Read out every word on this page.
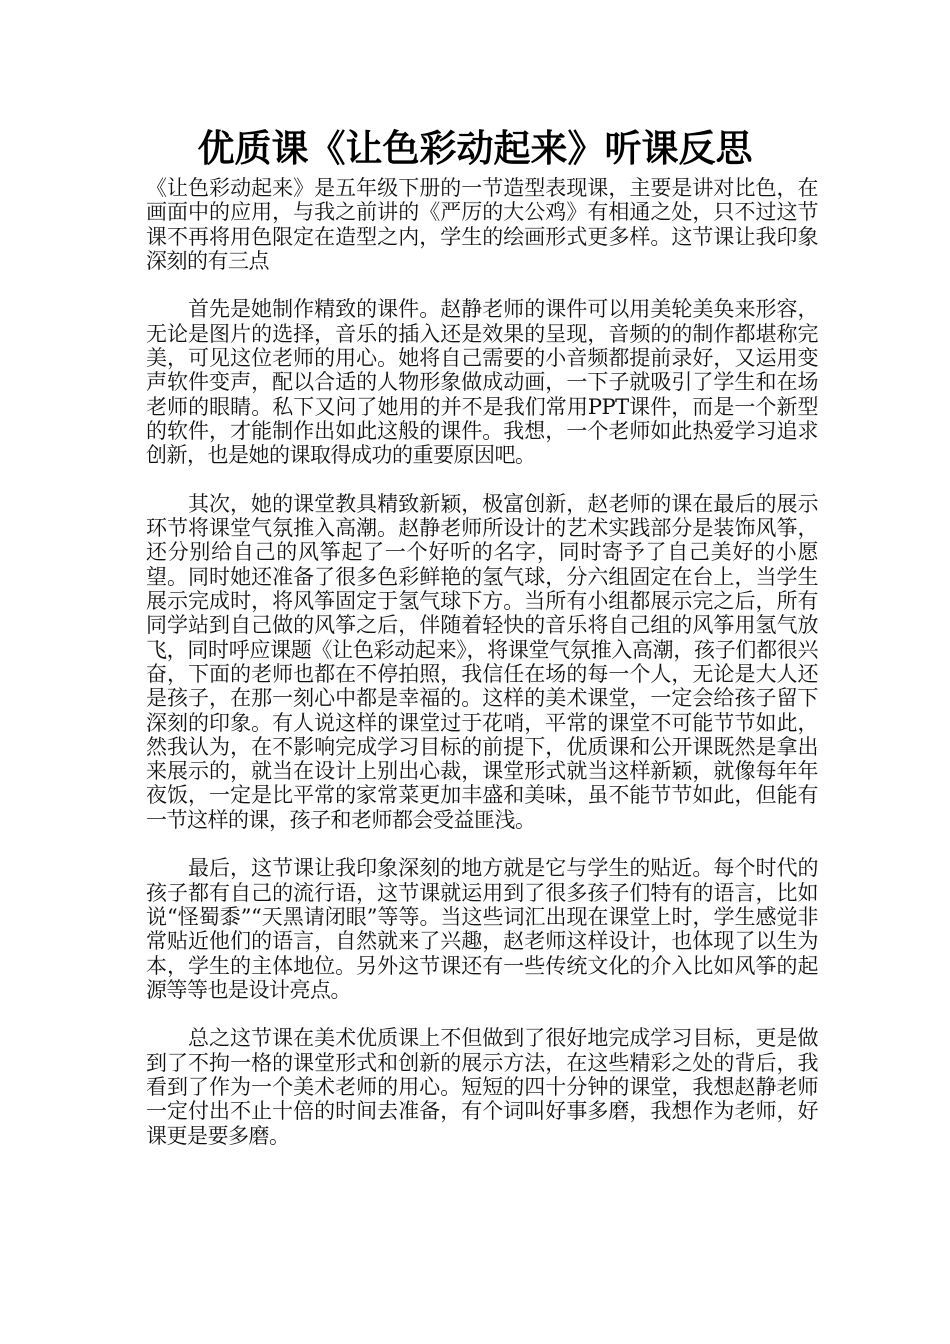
优质课《让色彩动起来》听课反思

《让色彩动起来》是五年级下册的一节造型表现课，主要是讲对比色，在画面中的应用，与我之前讲的《严厉的大公鸡》有相通之处，只不过这节课不再将用色限定在造型之内，学生的绘画形式更多样。这节课让我印象深刻的有三点

首先是她制作精致的课件。赵静老师的课件可以用美轮美奂来形容，无论是图片的选择，音乐的插入还是效果的呈现，音频的的制作都堪称完美，可见这位老师的用心。她将自己需要的小音频都提前录好，又运用变声软件变声，配以合适的人物形象做成动画，一下子就吸引了学生和在场老师的眼睛。私下又问了她用的并不是我们常用PPT课件，而是一个新型的软件，才能制作出如此这般的课件。我想，一个老师如此热爱学习追求创新，也是她的课取得成功的重要原因吧。

其次，她的课堂教具精致新颖，极富创新，赵老师的课在最后的展示环节将课堂气氛推入高潮。赵静老师所设计的艺术实践部分是装饰风筝，还分别给自己的风筝起了一个好听的名字，同时寄予了自己美好的小愿望。同时她还准备了很多色彩鲜艳的氢气球，分六组固定在台上，当学生展示完成时，将风筝固定于氢气球下方。当所有小组都展示完之后，所有同学站到自己做的风筝之后，伴随着轻快的音乐将自己组的风筝用氢气放飞，同时呼应课题《让色彩动起来》，将课堂气氛推入高潮，孩子们都很兴奋，下面的老师也都在不停拍照，我信任在场的每一个人，无论是大人还是孩子，在那一刻心中都是幸福的。这样的美术课堂，一定会给孩子留下深刻的印象。有人说这样的课堂过于花哨，平常的课堂不可能节节如此，然我认为，在不影响完成学习目标的前提下，优质课和公开课既然是拿出来展示的，就当在设计上别出心裁，课堂形式就当这样新颖，就像每年年夜饭，一定是比平常的家常菜更加丰盛和美味，虽不能节节如此，但能有一节这样的课，孩子和老师都会受益匪浅。

最后，这节课让我印象深刻的地方就是它与学生的贴近。每个时代的孩子都有自己的流行语，这节课就运用到了很多孩子们特有的语言，比如说“怪蜀黍”“天黑请闭眼”等等。当这些词汇出现在课堂上时，学生感觉非常贴近他们的语言，自然就来了兴趣，赵老师这样设计，也体现了以生为本，学生的主体地位。另外这节课还有一些传统文化的介入比如风筝的起源等等也是设计亮点。

总之这节课在美术优质课上不但做到了很好地完成学习目标，更是做到了不拘一格的课堂形式和创新的展示方法，在这些精彩之处的背后，我看到了作为一个美术老师的用心。短短的四十分钟的课堂，我想赵静老师一定付出不止十倍的时间去准备，有个词叫好事多磨，我想作为老师，好课更是要多磨。
